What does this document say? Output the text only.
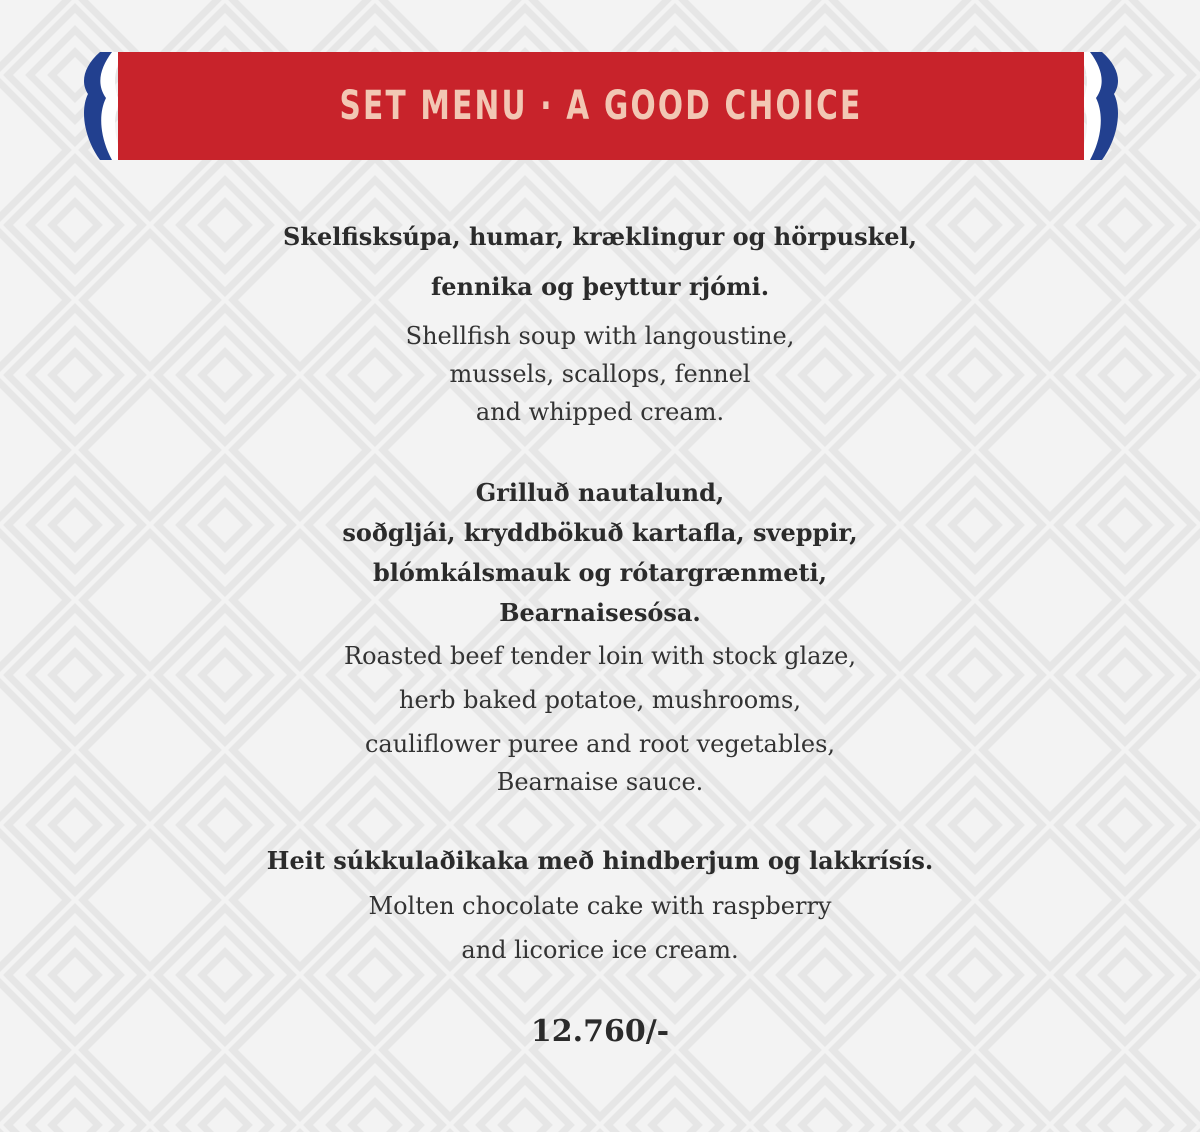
SET MENU · A GOOD CHOICE
Skelfisksúpa, humar, kræklingur og hörpuskel,
fennika og þeyttur rjómi.
Shellfish soup with langoustine,
mussels, scallops, fennel
and whipped cream.
Grilluð nautalund,
soðgljái, kryddbökuð kartafla, sveppir,
blómkálsmauk og rótargrænmeti,
Bearnaisesósa.
Roasted beef tender loin with stock glaze,
herb baked potatoe, mushrooms,
cauliflower puree and root vegetables,
Bearnaise sauce.
Heit súkkulaðikaka með hindberjum og lakkrísís.
Molten chocolate cake with raspberry
and licorice ice cream.
12.760/-
